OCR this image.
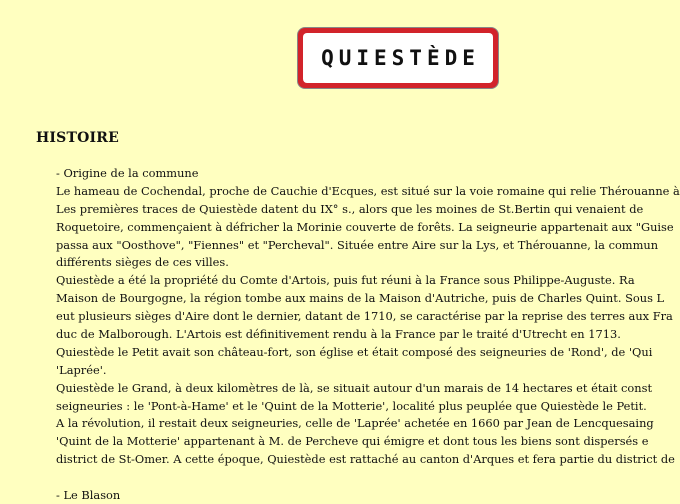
QUIESTÈDE
HISTOIRE
- Origine de la commune
Le hameau de Cochendal, proche de Cauchie d'Ecques, est situé sur la voie romaine qui relie Thérouanne à
Les premières traces de Quiestède datent du IX° s., alors que les moines de St.Bertin qui venaient de
Roquetoire, commençaient à défricher la Morinie couverte de forêts. La seigneurie appartenait aux "Guise
passa aux "Oosthove", "Fiennes" et "Percheval". Située entre Aire sur la Lys, et Thérouanne, la commun
différents sièges de ces villes.
Quiestède a été la propriété du Comte d'Artois, puis fut réuni à la France sous Philippe-Auguste. Ra
Maison de Bourgogne, la région tombe aux mains de la Maison d'Autriche, puis de Charles Quint. Sous L
eut plusieurs sièges d'Aire dont le dernier, datant de 1710, se caractérise par la reprise des terres aux Fra
duc de Malborough. L'Artois est définitivement rendu à la France par le traité d'Utrecht en 1713.
Quiestède le Petit avait son château-fort, son église et était composé des seigneuries de 'Rond', de 'Qui
'Laprée'.
Quiestède le Grand, à deux kilomètres de là, se situait autour d'un marais de 14 hectares et était const
seigneuries : le 'Pont-à-Hame' et le 'Quint de la Motterie', localité plus peuplée que Quiestède le Petit.
A la révolution, il restait deux seigneuries, celle de 'Laprée' achetée en 1660 par Jean de Lencquesaing
'Quint de la Motterie' appartenant à M. de Percheve qui émigre et dont tous les biens sont dispersés e
district de St-Omer. A cette époque, Quiestède est rattaché au canton d'Arques et fera partie du district de
- Le Blason
